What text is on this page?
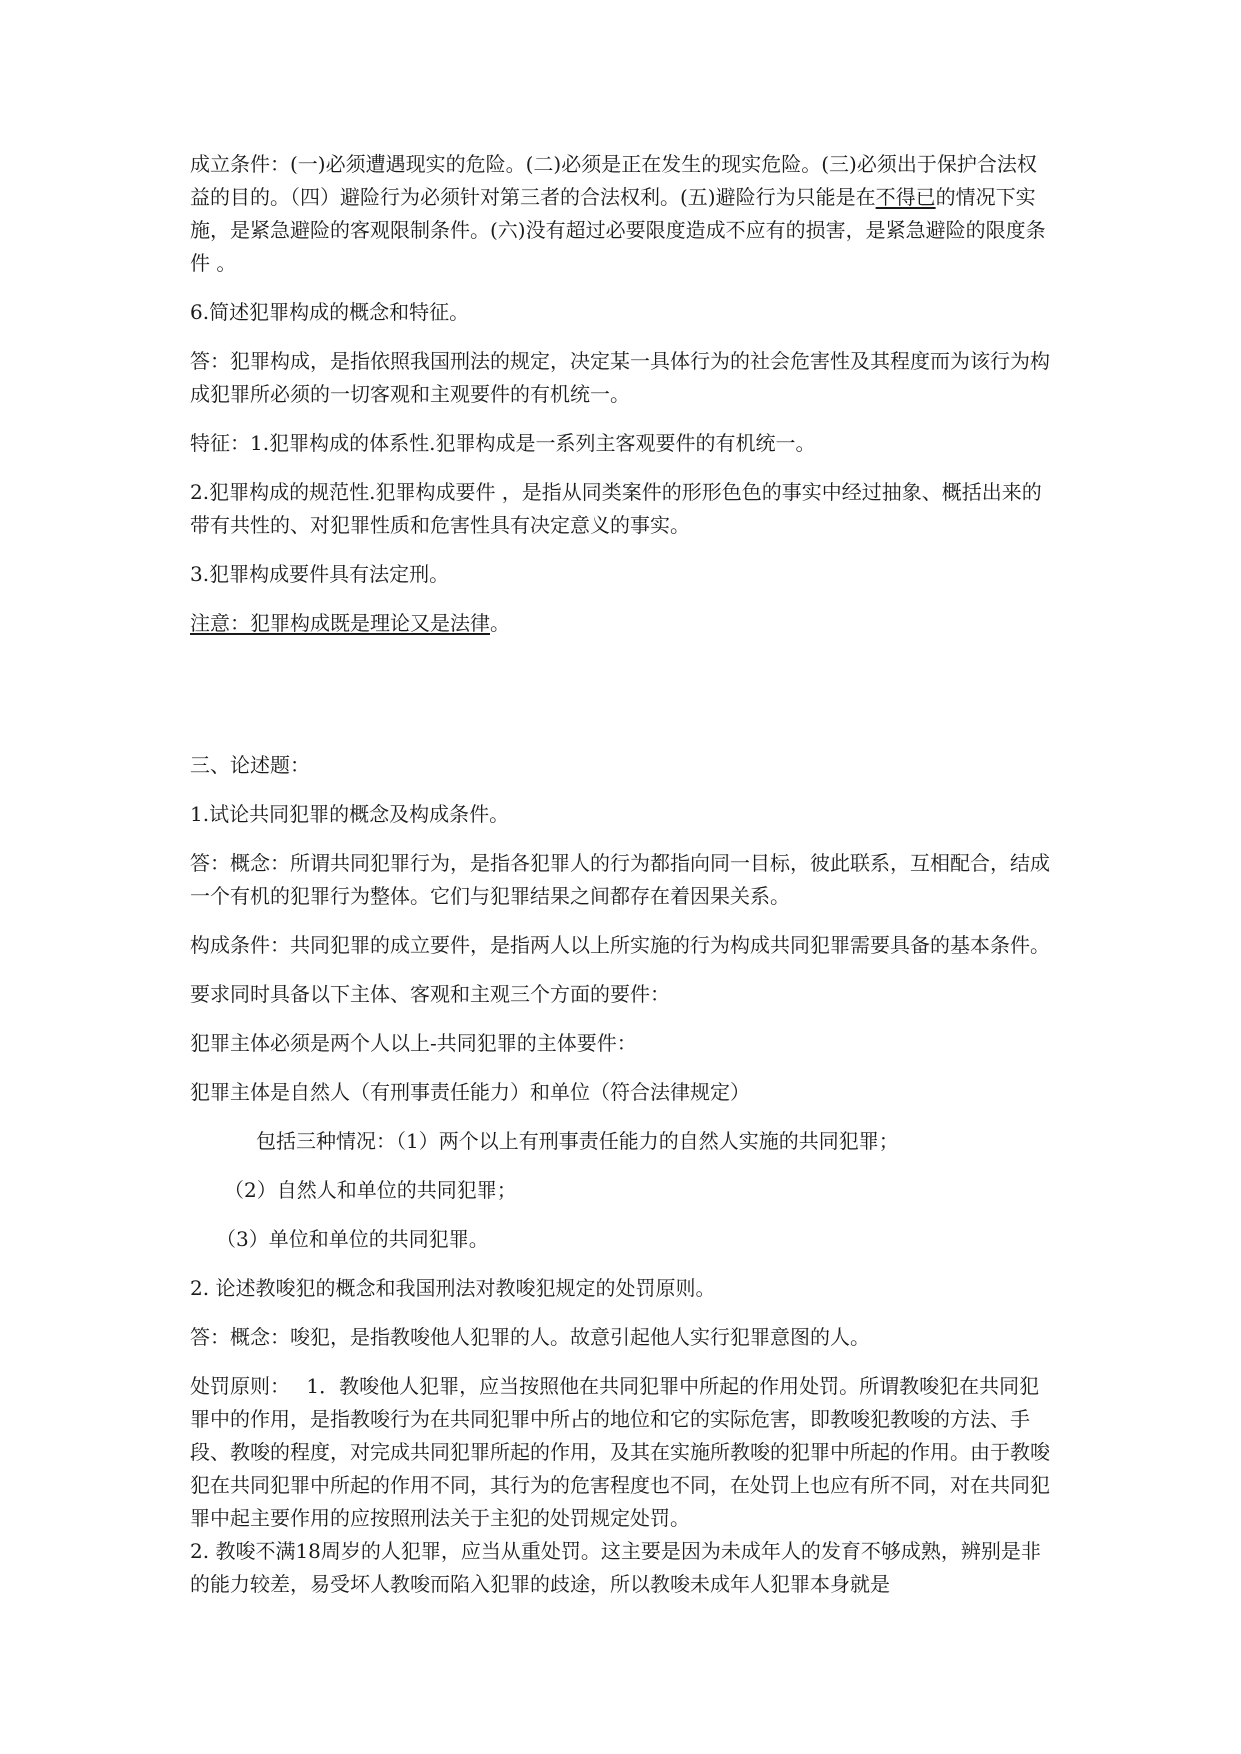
成立条件：(一)必须遭遇现实的危险。(二)必须是正在发生的现实危险。(三)必须出于保护合法权益的目的。（四）避险行为必须针对第三者的合法权利。(五)避险行为只能是在不得已的情况下实施，是紧急避险的客观限制条件。(六)没有超过必要限度造成不应有的损害，是紧急避险的限度条件 。

6.简述犯罪构成的概念和特征。

答：犯罪构成，是指依照我国刑法的规定，决定某一具体行为的社会危害性及其程度而为该行为构成犯罪所必须的一切客观和主观要件的有机统一。

特征：1.犯罪构成的体系性.犯罪构成是一系列主客观要件的有机统一。

2.犯罪构成的规范性.犯罪构成要件 ，是指从同类案件的形形色色的事实中经过抽象、概括出来的带有共性的、对犯罪性质和危害性具有决定意义的事实。

3.犯罪构成要件具有法定刑。

注意：犯罪构成既是理论又是法律。

三、论述题：

1.试论共同犯罪的概念及构成条件。

答：概念：所谓共同犯罪行为，是指各犯罪人的行为都指向同一目标，彼此联系，互相配合，结成一个有机的犯罪行为整体。它们与犯罪结果之间都存在着因果关系。

构成条件：共同犯罪的成立要件，是指两人以上所实施的行为构成共同犯罪需要具备的基本条件。

要求同时具备以下主体、客观和主观三个方面的要件：

犯罪主体必须是两个人以上-共同犯罪的主体要件：

犯罪主体是自然人（有刑事责任能力）和单位（符合法律规定）

包括三种情况：（1）两个以上有刑事责任能力的自然人实施的共同犯罪；

（2）自然人和单位的共同犯罪；

（3）单位和单位的共同犯罪。

2. 论述教唆犯的概念和我国刑法对教唆犯规定的处罚原则。

答：概念：唆犯，是指教唆他人犯罪的人。故意引起他人实行犯罪意图的人。

处罚原则：　 1．教唆他人犯罪，应当按照他在共同犯罪中所起的作用处罚。所谓教唆犯在共同犯罪中的作用，是指教唆行为在共同犯罪中所占的地位和它的实际危害，即教唆犯教唆的方法、手段、教唆的程度，对完成共同犯罪所起的作用，及其在实施所教唆的犯罪中所起的作用。由于教唆犯在共同犯罪中所起的作用不同，其行为的危害程度也不同，在处罚上也应有所不同，对在共同犯罪中起主要作用的应按照刑法关于主犯的处罚规定处罚。

2. 教唆不满18周岁的人犯罪，应当从重处罚。这主要是因为未成年人的发育不够成熟，辨别是非的能力较差，易受坏人教唆而陷入犯罪的歧途，所以教唆未成年人犯罪本身就是
